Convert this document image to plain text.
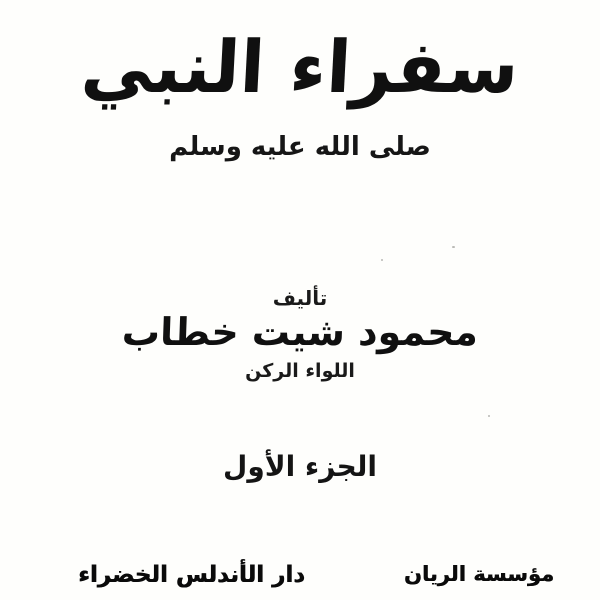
سفراء النبي
صلى الله عليه وسلم
تأليف
محمود شيت خطاب
اللواء الركن
الجزء الأول
دار الأندلس الخضراء	مؤسسة الريان
